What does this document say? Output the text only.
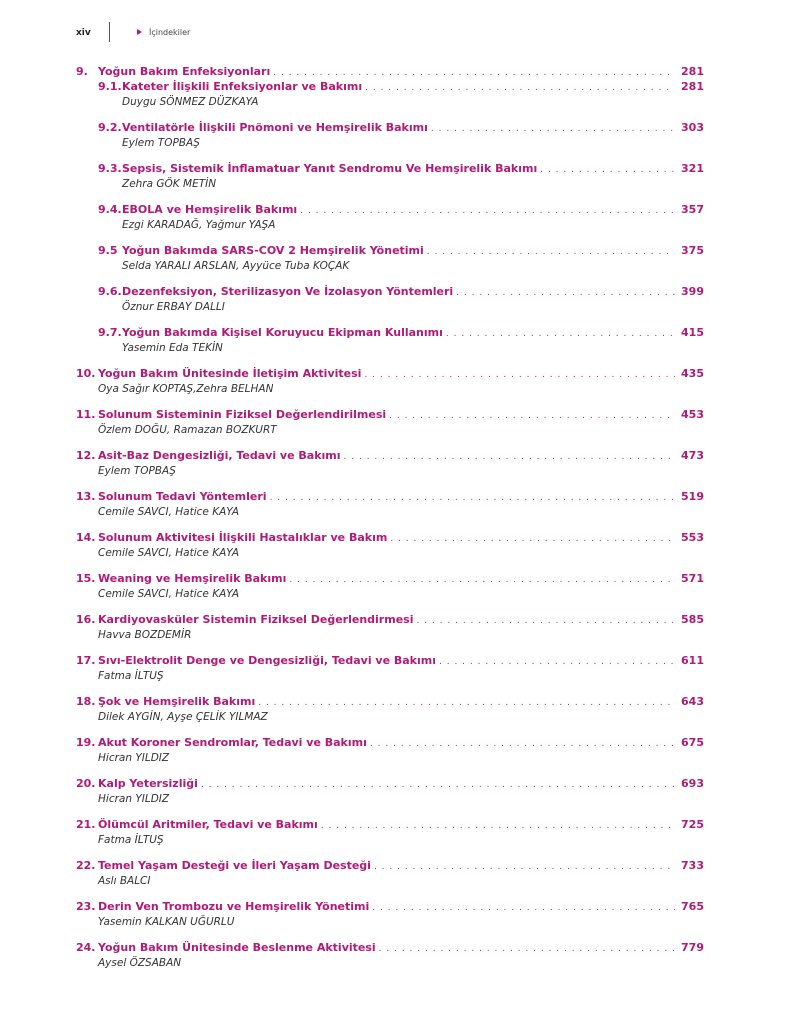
xiv	İçindekiler
9. Yoğun Bakım Enfeksiyonları . . .	281
9.1. Kateter İlişkili Enfeksiyonlar ve Bakımı . . .	281
Duygu SÖNMEZ DÜZKAYA
9.2. Ventilatörle İlişkili Pnömoni ve Hemşirelik Bakımı . . .	303
Eylem TOPBAŞ
9.3. Sepsis, Sistemik İnflamatuar Yanıt Sendromu Ve Hemşirelik Bakımı . . .	321
Zehra GÖK METİN
9.4. EBOLA ve Hemşirelik Bakımı . . .	357
Ezgi KARADAĞ, Yağmur YAŞA
9.5 Yoğun Bakımda SARS-COV 2 Hemşirelik Yönetimi . . .	375
Selda YARALI ARSLAN, Ayyüce Tuba KOÇAK
9.6. Dezenfeksiyon, Sterilizasyon Ve İzolasyon Yöntemleri . . .	399
Öznur ERBAY DALLI
9.7. Yoğun Bakımda Kişisel Koruyucu Ekipman Kullanımı . . .	415
Yasemin Eda TEKİN
10. Yoğun Bakım Ünitesinde İletişim Aktivitesi . . .	435
Oya Sağır KOPTAŞ,Zehra BELHAN
11. Solunum Sisteminin Fiziksel Değerlendirilmesi . . .	453
Özlem DOĞU, Ramazan BOZKURT
12. Asit-Baz Dengesizliği, Tedavi ve Bakımı . . .	473
Eylem TOPBAŞ
13. Solunum Tedavi Yöntemleri . . .	519
Cemile SAVCI, Hatice KAYA
14. Solunum Aktivitesi İlişkili Hastalıklar ve Bakım . . .	553
Cemile SAVCI, Hatice KAYA
15. Weaning ve Hemşirelik Bakımı . . .	571
Cemile SAVCI, Hatice KAYA
16. Kardiyovasküler Sistemin Fiziksel Değerlendirmesi . . .	585
Havva BOZDEMİR
17. Sıvı-Elektrolit Denge ve Dengesizliği, Tedavi ve Bakımı . . .	611
Fatma İLTUŞ
18. Şok ve Hemşirelik Bakımı . . .	643
Dilek AYGİN, Ayşe ÇELİK YILMAZ
19. Akut Koroner Sendromlar, Tedavi ve Bakımı . . .	675
Hicran YILDIZ
20. Kalp Yetersizliği . . .	693
Hicran YILDIZ
21. Ölümcül Aritmiler, Tedavi ve Bakımı . . .	725
Fatma İLTUŞ
22. Temel Yaşam Desteği ve İleri Yaşam Desteği . . .	733
Aslı BALCI
23. Derin Ven Trombozu ve Hemşirelik Yönetimi . . .	765
Yasemin KALKAN UĞURLU
24. Yoğun Bakım Ünitesinde Beslenme Aktivitesi . . .	779
Aysel ÖZSABAN
